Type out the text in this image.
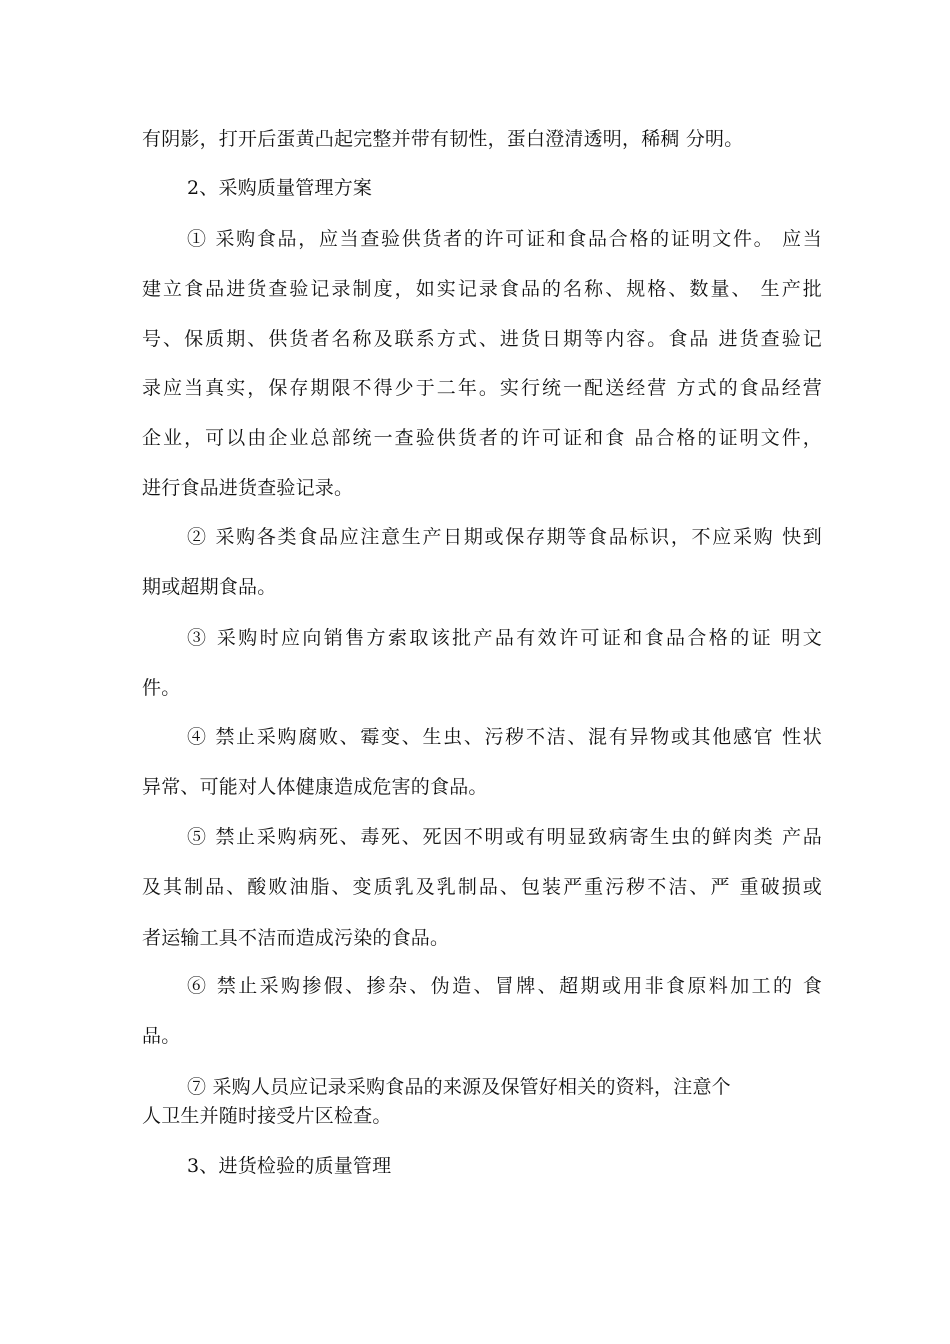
有阴影，打开后蛋黄凸起完整并带有韧性，蛋白澄清透明，稀稠 分明。
2、采购质量管理方案
① 采购食品，应当查验供货者的许可证和食品合格的证明文件。 应当
建立食品进货查验记录制度，如实记录食品的名称、规格、数量、 生产批
号、保质期、供货者名称及联系方式、进货日期等内容。食品 进货查验记
录应当真实，保存期限不得少于二年。实行统一配送经营 方式的食品经营
企业，可以由企业总部统一查验供货者的许可证和食 品合格的证明文件，
进行食品进货查验记录。
② 采购各类食品应注意生产日期或保存期等食品标识，不应采购 快到
期或超期食品。
③ 采购时应向销售方索取该批产品有效许可证和食品合格的证 明文
件。
④ 禁止采购腐败、霉变、生虫、污秽不洁、混有异物或其他感官 性状
异常、可能对人体健康造成危害的食品。
⑤ 禁止采购病死、毒死、死因不明或有明显致病寄生虫的鲜肉类 产品
及其制品、酸败油脂、变质乳及乳制品、包装严重污秽不洁、严 重破损或
者运输工具不洁而造成污染的食品。
⑥ 禁止采购掺假、掺杂、伪造、冒牌、超期或用非食原料加工的 食
品。
⑦ 采购人员应记录采购食品的来源及保管好相关的资料，注意个
人卫生并随时接受片区检查。
3、进货检验的质量管理
